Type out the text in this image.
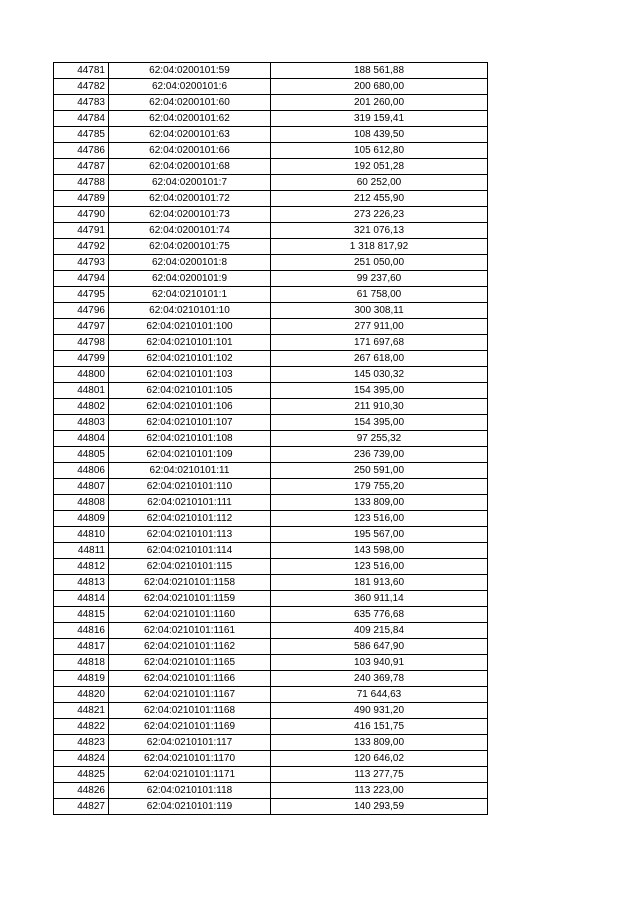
44781	62:04:0200101:59	188 561,88
44782	62:04:0200101:6	200 680,00
44783	62:04:0200101:60	201 260,00
44784	62:04:0200101:62	319 159,41
44785	62:04:0200101:63	108 439,50
44786	62:04:0200101:66	105 612,80
44787	62:04:0200101:68	192 051,28
44788	62:04:0200101:7	60 252,00
44789	62:04:0200101:72	212 455,90
44790	62:04:0200101:73	273 226,23
44791	62:04:0200101:74	321 076,13
44792	62:04:0200101:75	1 318 817,92
44793	62:04:0200101:8	251 050,00
44794	62:04:0200101:9	99 237,60
44795	62:04:0210101:1	61 758,00
44796	62:04:0210101:10	300 308,11
44797	62:04:0210101:100	277 911,00
44798	62:04:0210101:101	171 697,68
44799	62:04:0210101:102	267 618,00
44800	62:04:0210101:103	145 030,32
44801	62:04:0210101:105	154 395,00
44802	62:04:0210101:106	211 910,30
44803	62:04:0210101:107	154 395,00
44804	62:04:0210101:108	97 255,32
44805	62:04:0210101:109	236 739,00
44806	62:04:0210101:11	250 591,00
44807	62:04:0210101:110	179 755,20
44808	62:04:0210101:111	133 809,00
44809	62:04:0210101:112	123 516,00
44810	62:04:0210101:113	195 567,00
44811	62:04:0210101:114	143 598,00
44812	62:04:0210101:115	123 516,00
44813	62:04:0210101:1158	181 913,60
44814	62:04:0210101:1159	360 911,14
44815	62:04:0210101:1160	635 776,68
44816	62:04:0210101:1161	409 215,84
44817	62:04:0210101:1162	586 647,90
44818	62:04:0210101:1165	103 940,91
44819	62:04:0210101:1166	240 369,78
44820	62:04:0210101:1167	71 644,63
44821	62:04:0210101:1168	490 931,20
44822	62:04:0210101:1169	416 151,75
44823	62:04:0210101:117	133 809,00
44824	62:04:0210101:1170	120 646,02
44825	62:04:0210101:1171	113 277,75
44826	62:04:0210101:118	113 223,00
44827	62:04:0210101:119	140 293,59
